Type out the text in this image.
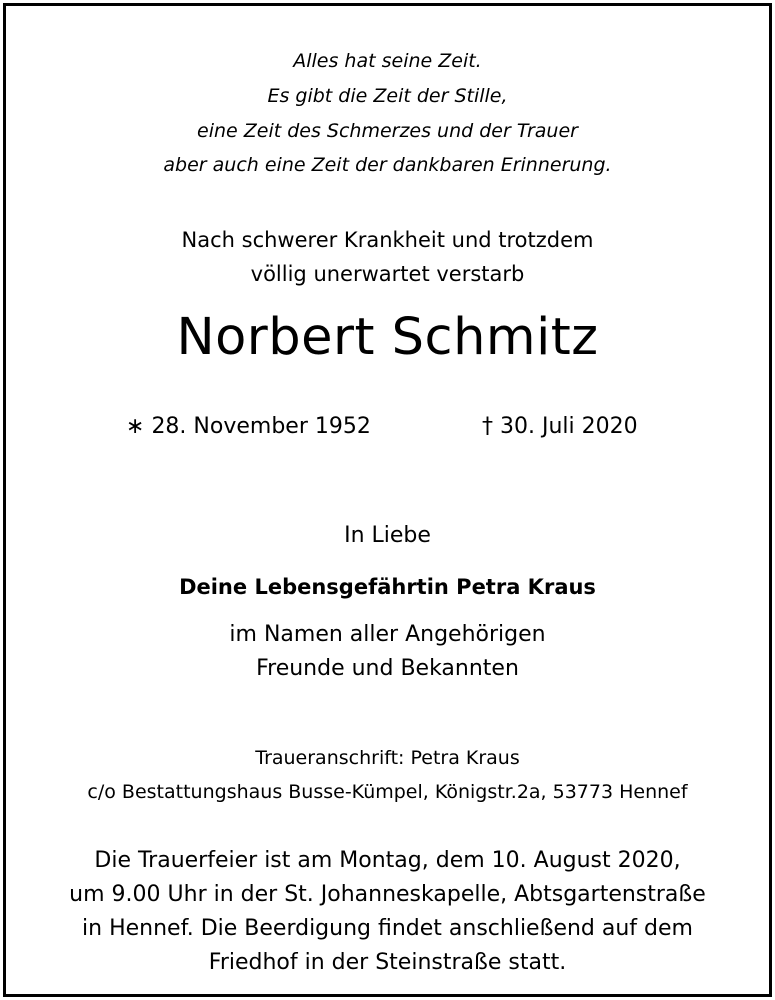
Alles hat seine Zeit.
Es gibt die Zeit der Stille,
eine Zeit des Schmerzes und der Trauer
aber auch eine Zeit der dankbaren Erinnerung.
Nach schwerer Krankheit und trotzdem
völlig unerwartet verstarb
Norbert Schmitz
∗ 28. November 1952	† 30. Juli 2020
In Liebe
Deine Lebensgefährtin Petra Kraus
im Namen aller Angehörigen
Freunde und Bekannten
Traueranschrift: Petra Kraus
c/o Bestattungshaus Busse-Kümpel, Königstr.2a, 53773 Hennef
Die Trauerfeier ist am Montag, dem 10. August 2020,
um 9.00 Uhr in der St. Johanneskapelle, Abtsgartenstraße
in Hennef. Die Beerdigung findet anschließend auf dem
Friedhof in der Steinstraße statt.
